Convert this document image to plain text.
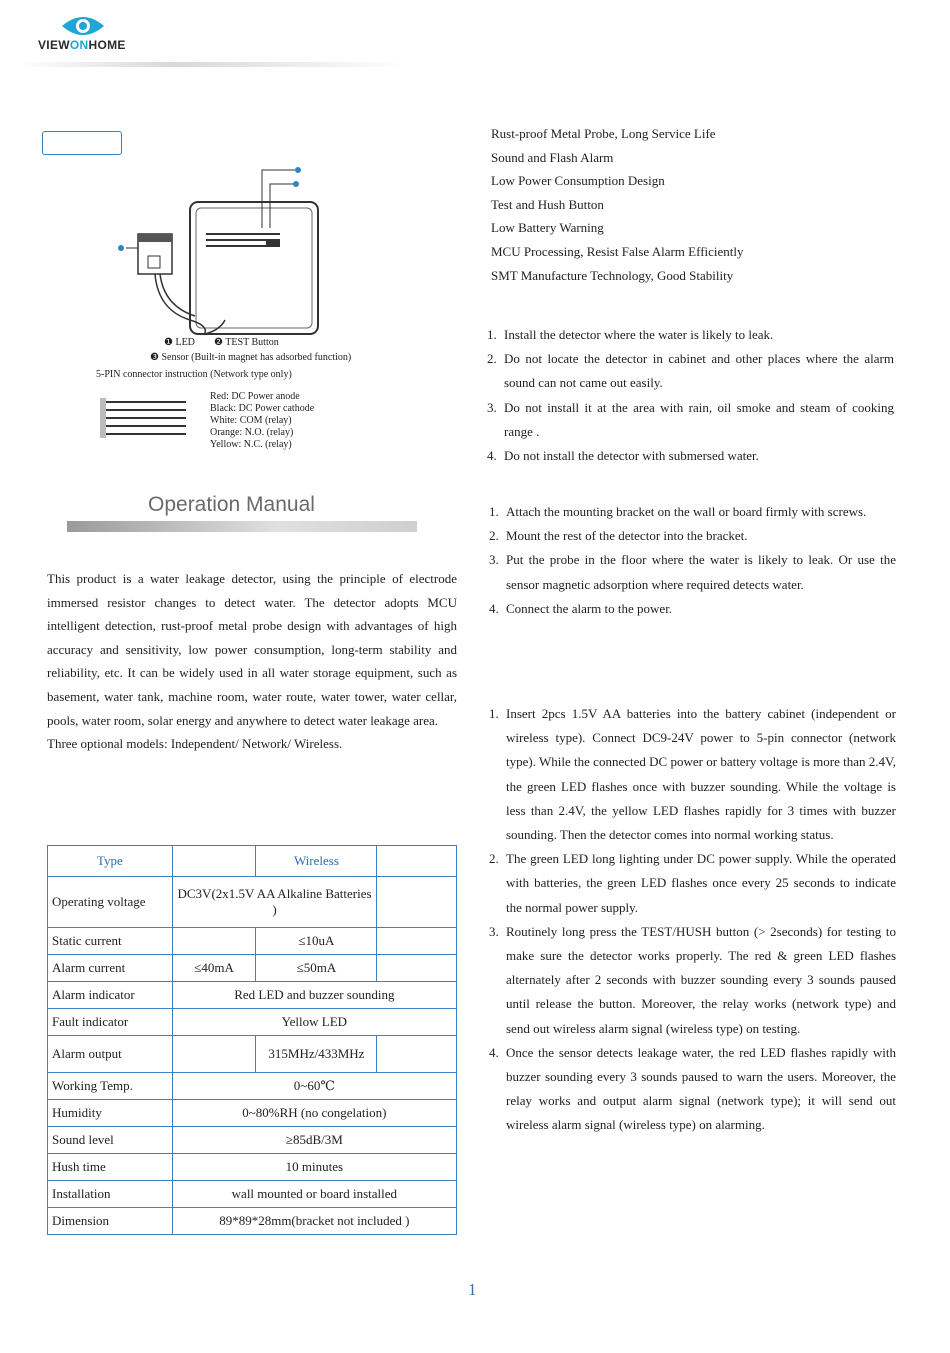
VIEWONHOME
❶ LED ❷ TEST Button
❸ Sensor (Built-in magnet has adsorbed function)
5-PIN connector instruction (Network type only)
Red: DC Power anode
Black: DC Power cathode
White: COM (relay)
Orange: N.O. (relay)
Yellow: N.C. (relay)
Operation Manual

This product is a water leakage detector, using the principle of electrode immersed resistor changes to detect water. The detector adopts MCU intelligent detection, rust-proof metal probe design with advantages of high accuracy and sensitivity, low power consumption, long-term stability and reliability, etc. It can be widely used in all water storage equipment, such as basement, water tank, machine room, water route, water tower, water cellar, pools, water room, solar energy and anywhere to detect water leakage area.

Three optional models: Independent/ Network/ Wireless.

Type		Wireless	
Operating voltage	DC3V(2x1.5V AA Alkaline Batteries )		
Static current		≤10uA	
Alarm current	≤40mA	≤50mA	
Alarm indicator	Red LED and buzzer sounding		
Fault indicator	Yellow LED		
Alarm output		315MHz/433MHz	
Working Temp.	0~60℃		
Humidity	0~80%RH (no congelation)		
Sound level	≥85dB/3M		
Hush time	10 minutes		
Installation	wall mounted or board installed		
Dimension	89*89*28mm(bracket not included )		
Rust-proof Metal Probe, Long Service Life
Sound and Flash Alarm
Low Power Consumption Design
Test and Hush Button
Low Battery Warning
MCU Processing, Resist False Alarm Efficiently
SMT Manufacture Technology, Good Stability
1. Install the detector where the water is likely to leak.
2. Do not locate the detector in cabinet and other places where the alarm sound can not came out easily.
3. Do not install it at the area with rain, oil smoke and steam of cooking range .
4. Do not install the detector with submersed water.
1. Attach the mounting bracket on the wall or board firmly with screws.
2. Mount the rest of the detector into the bracket.
3. Put the probe in the floor where the water is likely to leak. Or use the sensor magnetic adsorption where required detects water.
4. Connect the alarm to the power.
1. Insert 2pcs 1.5V AA batteries into the battery cabinet (independent or wireless type). Connect DC9-24V power to 5-pin connector (network type). While the connected DC power or battery voltage is more than 2.4V, the green LED flashes once with buzzer sounding. While the voltage is less than 2.4V, the yellow LED flashes rapidly for 3 times with buzzer sounding. Then the detector comes into normal working status.
2. The green LED long lighting under DC power supply. While the operated with batteries, the green LED flashes once every 25 seconds to indicate the normal power supply.
3. Routinely long press the TEST/HUSH button (> 2seconds) for testing to make sure the detector works properly. The red & green LED flashes alternately after 2 seconds with buzzer sounding every 3 sounds paused until release the button. Moreover, the relay works (network type) and send out wireless alarm signal (wireless type) on testing.
4. Once the sensor detects leakage water, the red LED flashes rapidly with buzzer sounding every 3 sounds paused to warn the users. Moreover, the relay works and output alarm signal (network type); it will send out wireless alarm signal (wireless type) on alarming.
1
